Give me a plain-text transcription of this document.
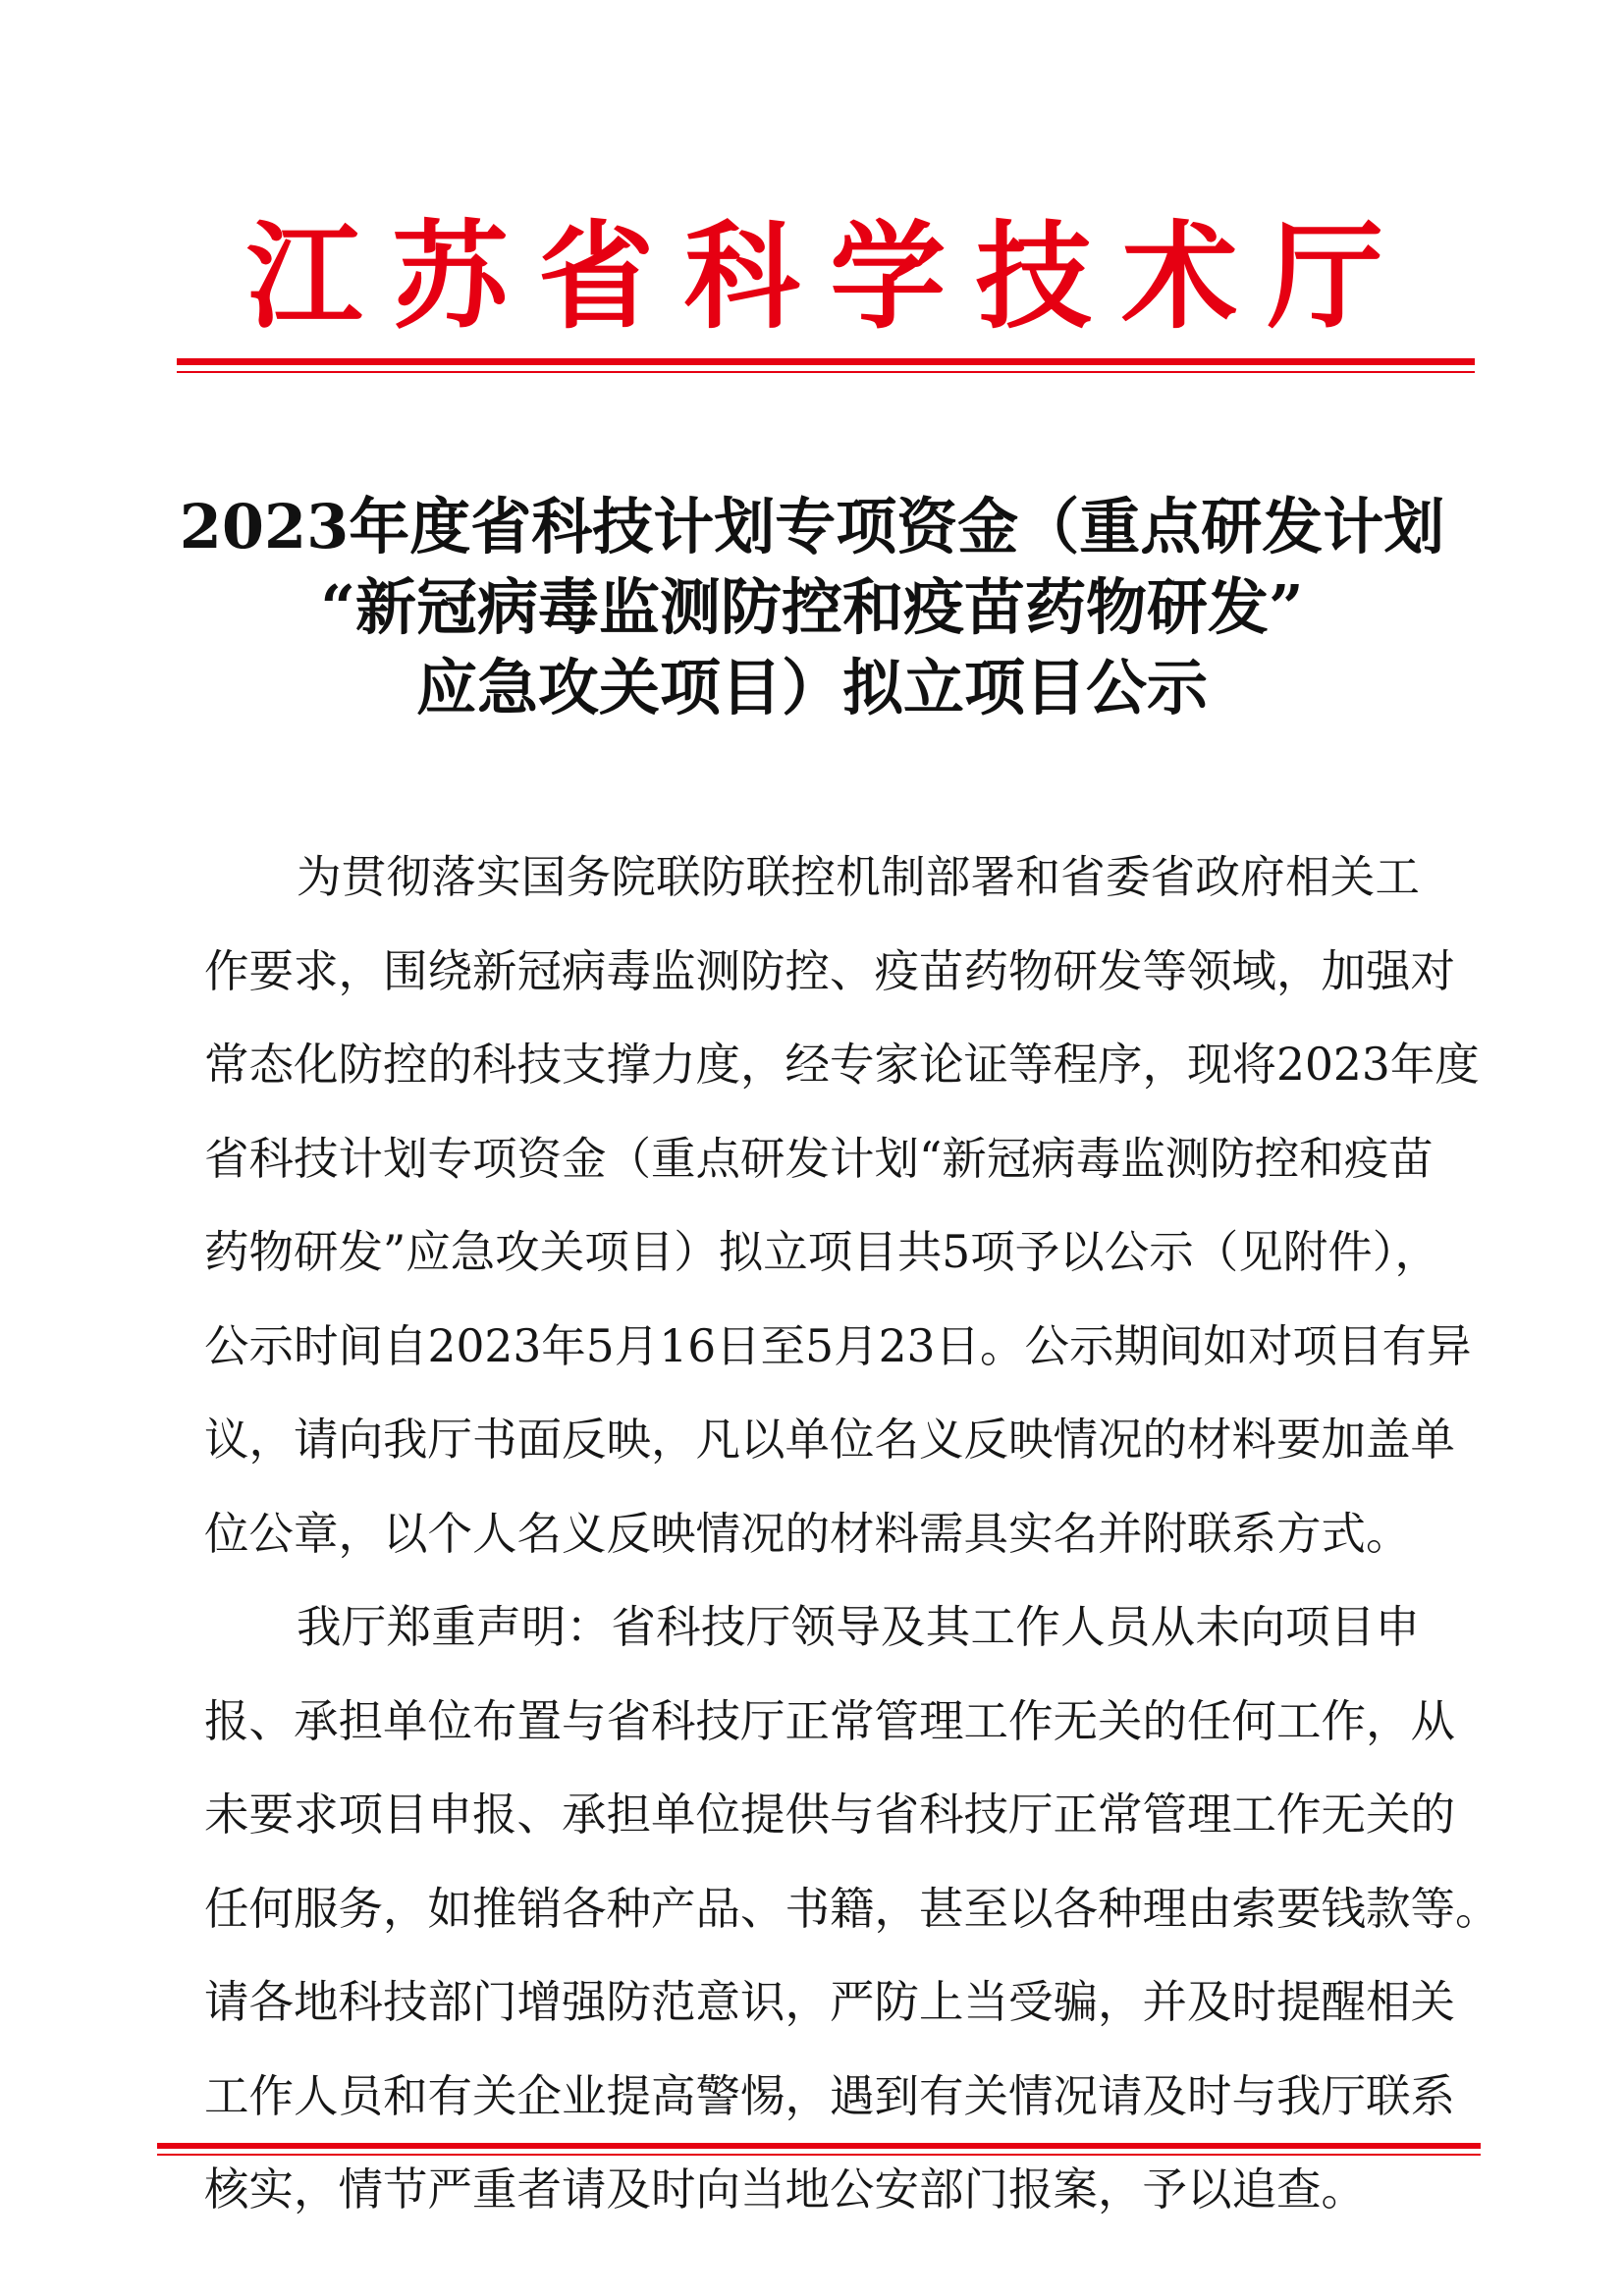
江 苏 省 科 学 技 术 厅
2023年度省科技计划专项资金（重点研发计划
“新冠病毒监测防控和疫苗药物研发”
应急攻关项目）拟立项目公示
为贯彻落实国务院联防联控机制部署和省委省政府相关工
作要求，围绕新冠病毒监测防控、疫苗药物研发等领域，加强对
常态化防控的科技支撑力度，经专家论证等程序，现将2023年度
省科技计划专项资金（重点研发计划“新冠病毒监测防控和疫苗
药物研发”应急攻关项目）拟立项目共5项予以公示（见附件），
公示时间自2023年5月16日至5月23日。公示期间如对项目有异
议，请向我厅书面反映，凡以单位名义反映情况的材料要加盖单
位公章，以个人名义反映情况的材料需具实名并附联系方式。
我厅郑重声明：省科技厅领导及其工作人员从未向项目申
报、承担单位布置与省科技厅正常管理工作无关的任何工作，从
未要求项目申报、承担单位提供与省科技厅正常管理工作无关的
任何服务，如推销各种产品、书籍，甚至以各种理由索要钱款等。
请各地科技部门增强防范意识，严防上当受骗，并及时提醒相关
工作人员和有关企业提高警惕，遇到有关情况请及时与我厅联系
核实，情节严重者请及时向当地公安部门报案，予以追查。
